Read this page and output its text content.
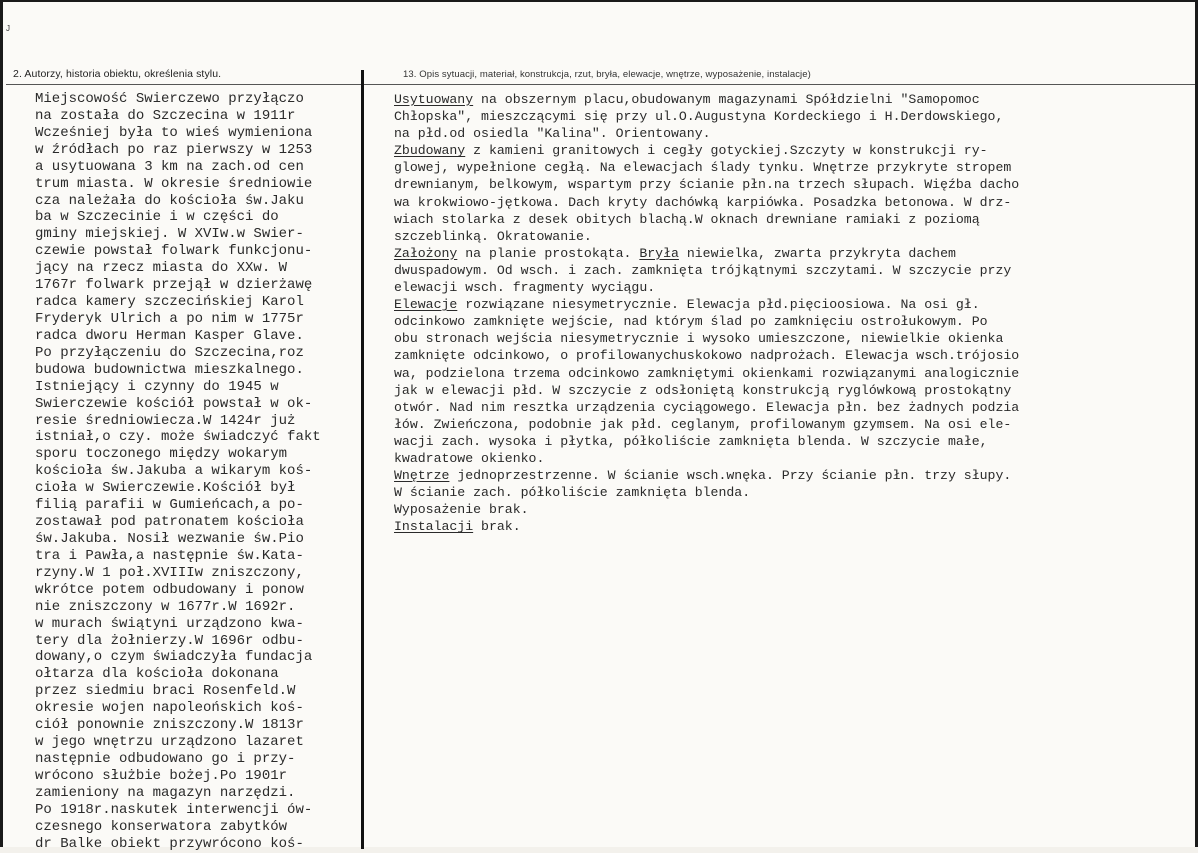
J
2. Autorzy, historia obiektu, określenia stylu.	13. Opis sytuacji, materiał, konstrukcja, rzut, bryła, elewacje, wnętrze, wyposażenie, instalacje)
Miejscowość Swierczewo przyłączo
na została do Szczecina w 1911r
Wcześniej była to wieś wymieniona
w źródłach po raz pierwszy w 1253
a usytuowana 3 km na zach.od cen
trum miasta. W okresie średniowie
cza należała do kościoła św.Jaku
ba w Szczecinie i w części do
gminy miejskiej. W XVIw.w Swier-
czewie powstał folwark funkcjonu-
jący na rzecz miasta do XXw. W
1767r folwark przejął w dzierżawę
radca kamery szczecińskiej Karol
Fryderyk Ulrich a po nim w 1775r
radca dworu Herman Kasper Glave.
Po przyłączeniu do Szczecina,roz
budowa budownictwa mieszkalnego.
Istniejący i czynny do 1945 w
Swierczewie kościół powstał w ok-
resie średniowiecza.W 1424r już
istniał,o czy. może świadczyć fakt
sporu toczonego między wokarym
kościoła św.Jakuba a wikarym koś-
cioła w Swierczewie.Kościół był
filią parafii w Gumieńcach,a po-
zostawał pod patronatem kościoła
św.Jakuba. Nosił wezwanie św.Pio
tra i Pawła,a następnie św.Kata-
rzyny.W 1 poł.XVIIIw zniszczony,
wkrótce potem odbudowany i ponow
nie zniszczony w 1677r.W 1692r.
w murach świątyni urządzono kwa-
tery dla żołnierzy.W 1696r odbu-
dowany,o czym świadczyła fundacja
ołtarza dla kościoła dokonana
przez siedmiu braci Rosenfeld.W
okresie wojen napoleońskich koś-
ciół ponownie zniszczony.W 1813r
w jego wnętrzu urządzono lazaret
następnie odbudowano go i przy-
wrócono służbie bożej.Po 1901r
zamieniony na magazyn narzędzi.
Po 1918r.naskutek interwencji ów-
czesnego konserwatora zabytków
dr Balke obiekt przywrócono koś-
Usytuowany na obszernym placu,obudowanym magazynami Spółdzielni "Samopomoc
Chłopska", mieszczącymi się przy ul.O.Augustyna Kordeckiego i H.Derdowskiego,
na płd.od osiedla "Kalina". Orientowany.
Zbudowany z kamieni granitowych i cegły gotyckiej.Szczyty w konstrukcji ry-
glowej, wypełnione cegłą. Na elewacjach ślady tynku. Wnętrze przykryte stropem
drewnianym, belkowym, wspartym przy ścianie płn.na trzech słupach. Więźba dacho
wa krokwiowo-jętkowa. Dach kryty dachówką karpiówka. Posadzka betonowa. W drz-
wiach stolarka z desek obitych blachą.W oknach drewniane ramiaki z poziomą
szczeblinką. Okratowanie.
Założony na planie prostokąta. Bryła niewielka, zwarta przykryta dachem
dwuspadowym. Od wsch. i zach. zamknięta trójkątnymi szczytami. W szczycie przy
elewacji wsch. fragmenty wyciągu.
Elewacje rozwiązane niesymetrycznie. Elewacja płd.pięcioosiowa. Na osi gł.
odcinkowo zamknięte wejście, nad którym ślad po zamknięciu ostrołukowym. Po
obu stronach wejścia niesymetrycznie i wysoko umieszczone, niewielkie okienka
zamknięte odcinkowo, o profilowanychuskokowo nadprożach. Elewacja wsch.trójosio
wa, podzielona trzema odcinkowo zamkniętymi okienkami rozwiązanymi analogicznie
jak w elewacji płd. W szczycie z odsłoniętą konstrukcją ryglówkową prostokątny
otwór. Nad nim resztka urządzenia cyciągowego. Elewacja płn. bez żadnych podzia
łów. Zwieńczona, podobnie jak płd. ceglanym, profilowanym gzymsem. Na osi ele-
wacji zach. wysoka i płytka, półkoliście zamknięta blenda. W szczycie małe,
kwadratowe okienko.
Wnętrze jednoprzestrzenne. W ścianie wsch.wnęka. Przy ścianie płn. trzy słupy.
W ścianie zach. półkoliście zamknięta blenda.
Wyposażenie brak.
Instalacji brak.
